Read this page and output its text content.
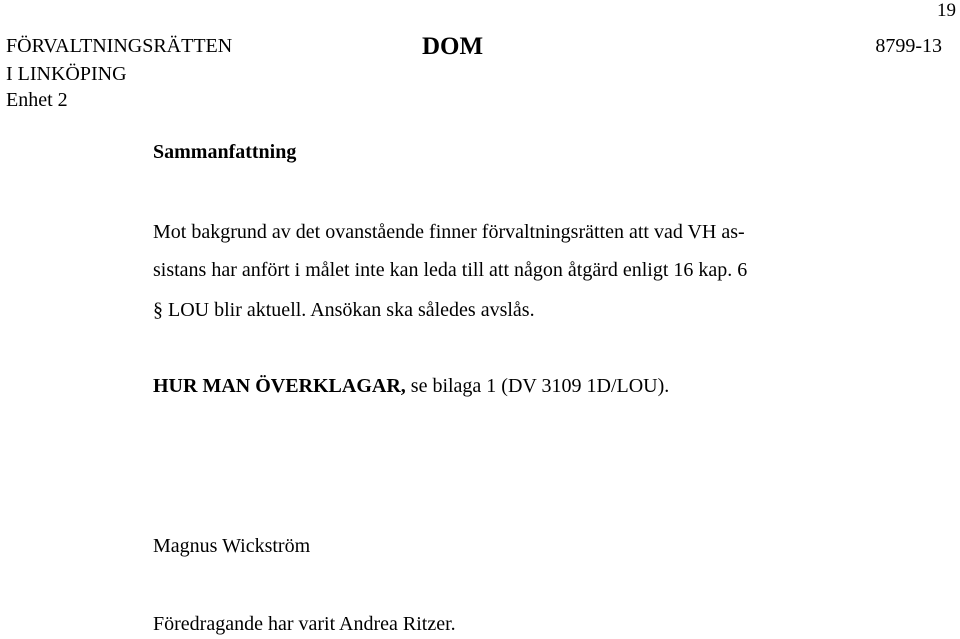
19
FÖRVALTNINGSRÄTTEN
I LINKÖPING
Enhet 2
DOM	8799-13
Sammanfattning
Mot bakgrund av det ovanstående finner förvaltningsrätten att vad VH as-
sistans har anfört i målet inte kan leda till att någon åtgärd enligt 16 kap. 6
§ LOU blir aktuell. Ansökan ska således avslås.
HUR MAN ÖVERKLAGAR, se bilaga 1 (DV 3109 1D/LOU).
Magnus Wickström
Föredragande har varit Andrea Ritzer.
